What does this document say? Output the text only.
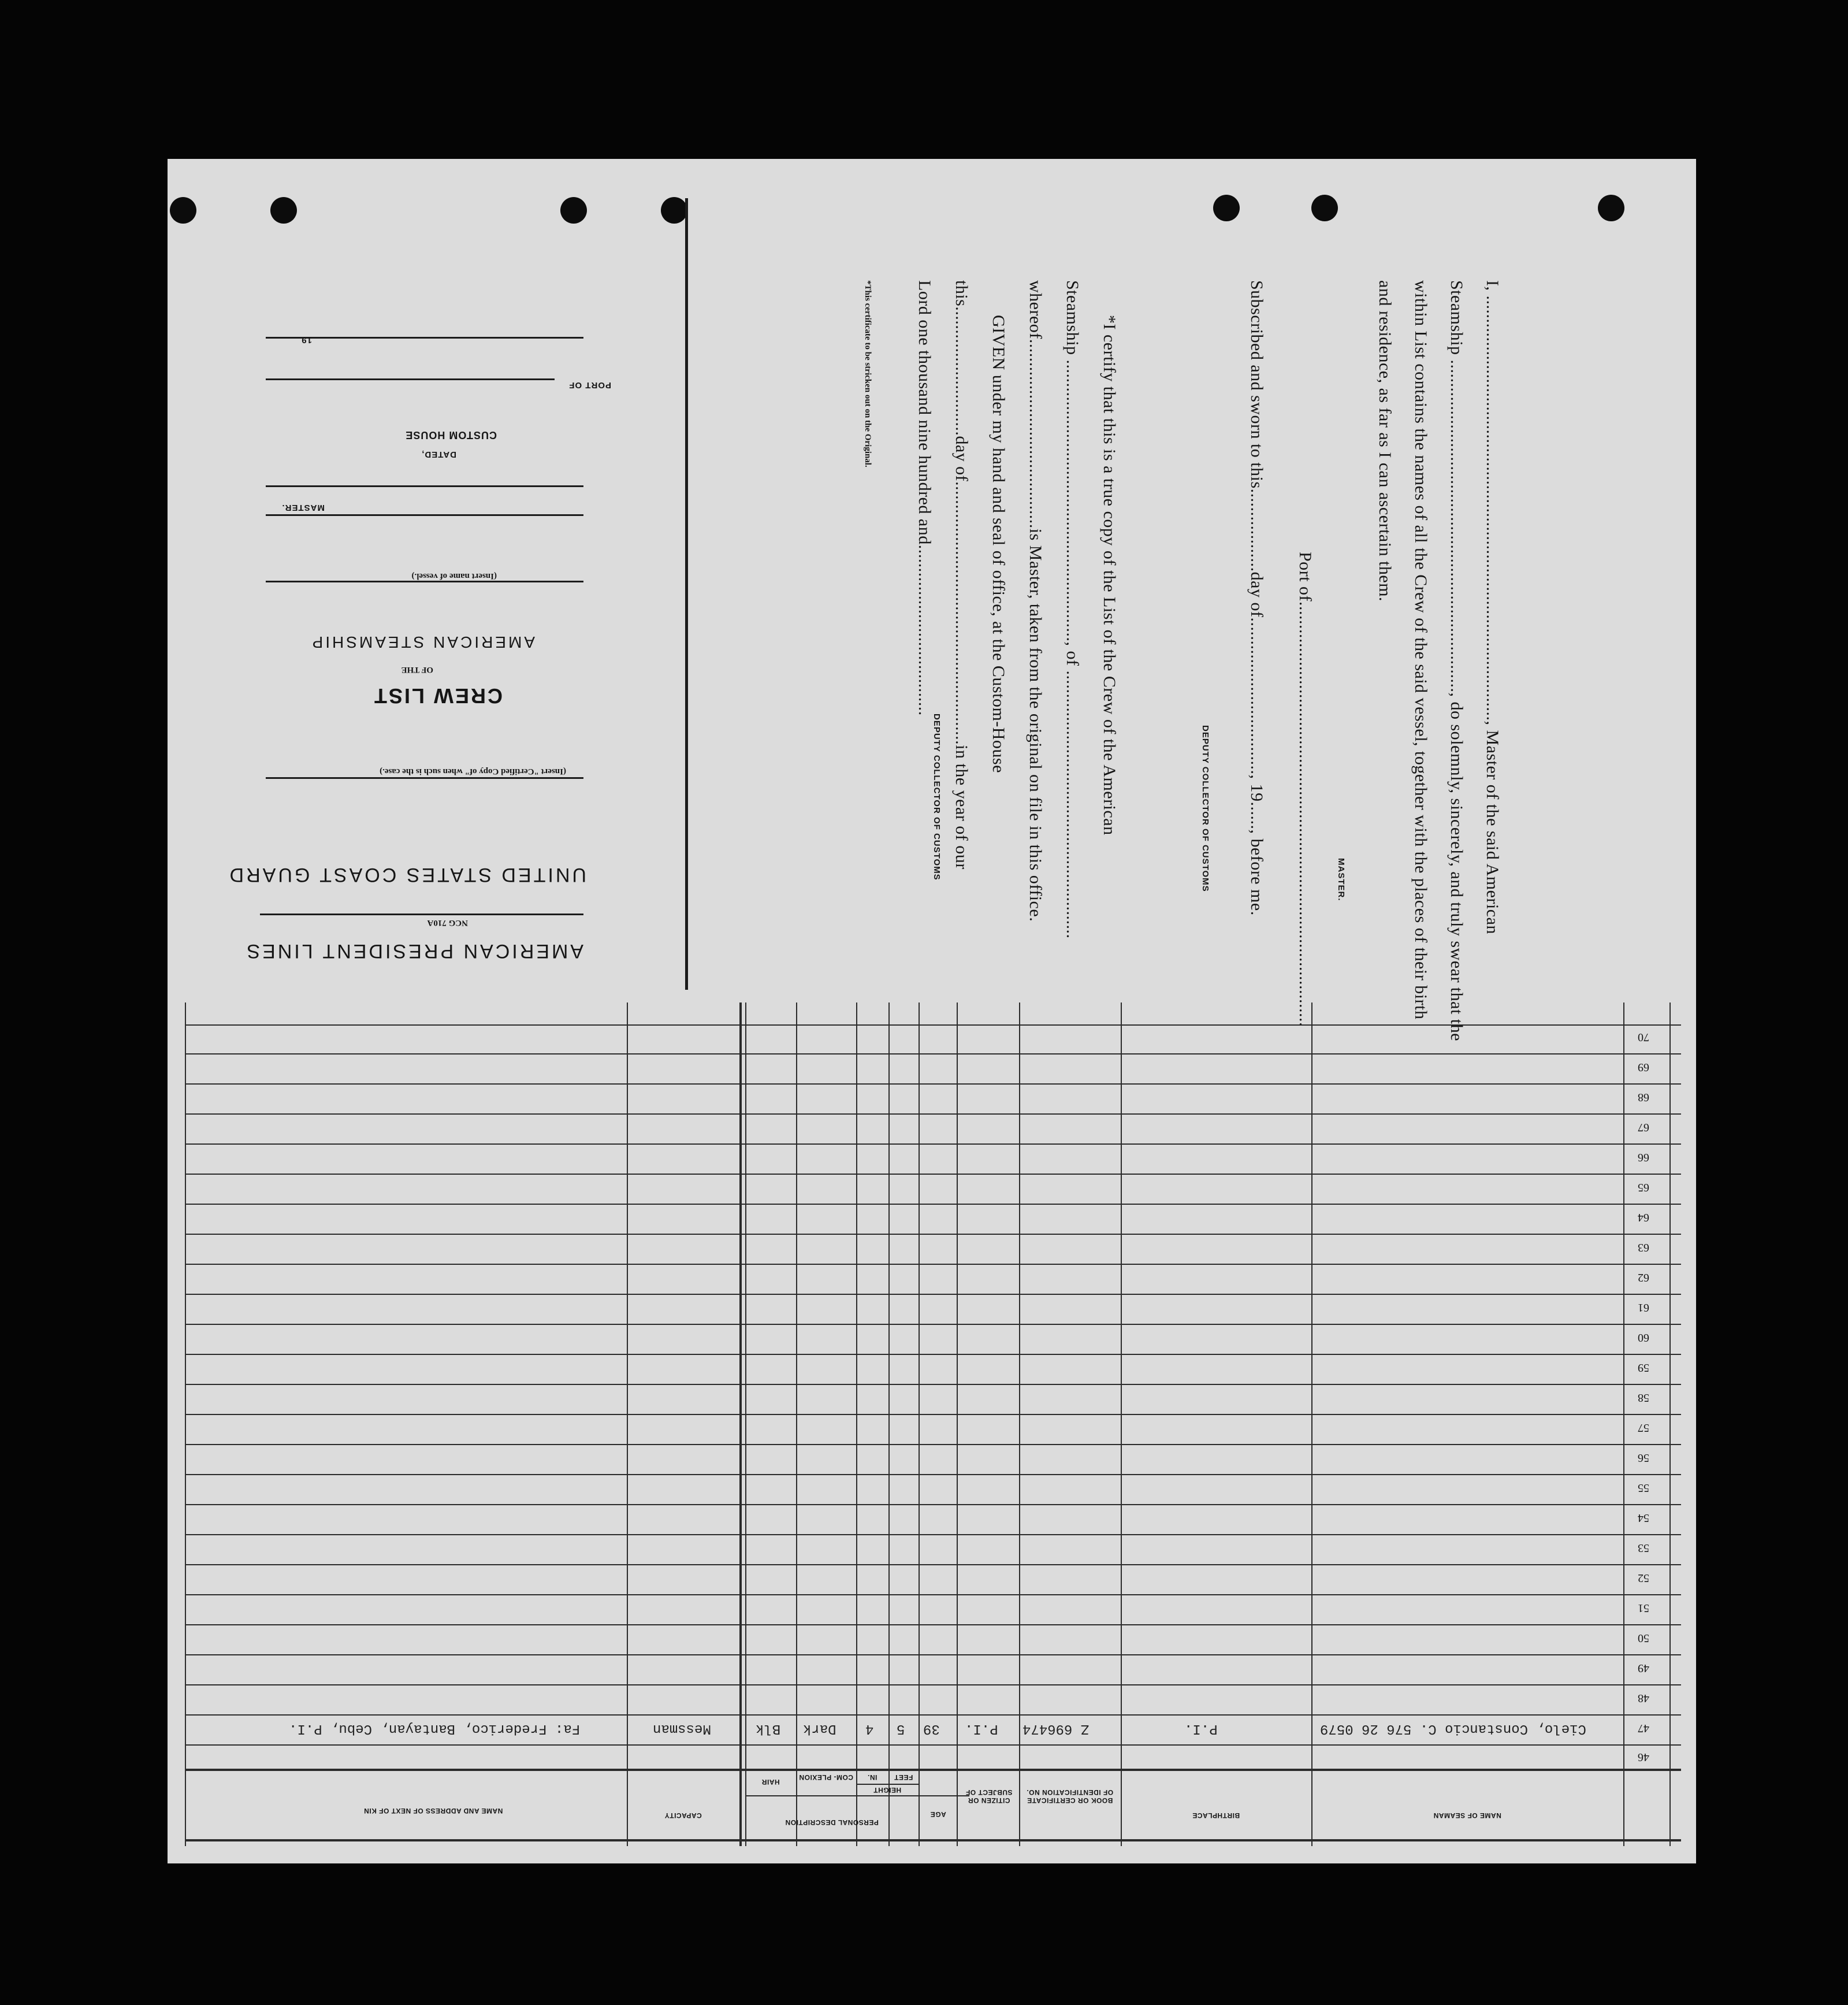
AMERICAN PRESIDENT LINES
NCG 710A
UNITED STATES COAST GUARD
(Insert "Certified Copy of" when such is the case.)
CREW LIST
OF THE
AMERICAN STEAMSHIP
(Insert name of vessel.)
MASTER.
DATED,
CUSTOM HOUSE
PORT OF
19	I, ............................................................................................, Master of the said American
Steamship ........................................................................, do solemnly, sincerely, and truly swear that the
within List contains the names of all the Crew of the said vessel, together with the places of their birth
and residence, as far as I can ascertain them.
MASTER.
Port of............................................................................................
Subscribed and sworn to this..................day of.................................., 19......, before me.
DEPUTY COLLECTOR OF CUSTOMS
*I certify that this is a true copy of the List of the Crew of the American
Steamship ............................................................., of ..........................................................
whereof.........................................is Master, taken from the original on file in this office.
GIVEN under my hand and seal of office, at the Custom-House
this............................day of.........................................................in the year of our
Lord one thousand nine hundred and.....................................
DEPUTY COLLECTOR OF CUSTOMS
*This certificate to be stricken out on the Original.
70
69
68
67
66
65
64
63
62
61
60
59
58
57
56
55
54
53
52
51
50
49
48
47
46
Cielo, Constancio C. 576 26 0579
P.I.
Z 696474
P.I.
39
5
4
Dark
Blk
Messman
Fa: Frederico, Bantayan, Cebu, P.I.
NAME OF SEAMAN
BIRTHPLACE
BOOK OR CERTIFICATE OF IDENTIFICATION NO.
CITIZEN OR SUBJECT OF
AGE
PERSONAL DESCRIPTION
HEIGHT
FEET
IN.
COM- PLEXION
HAIR
CAPACITY
NAME AND ADDRESS OF NEXT OF KIN
